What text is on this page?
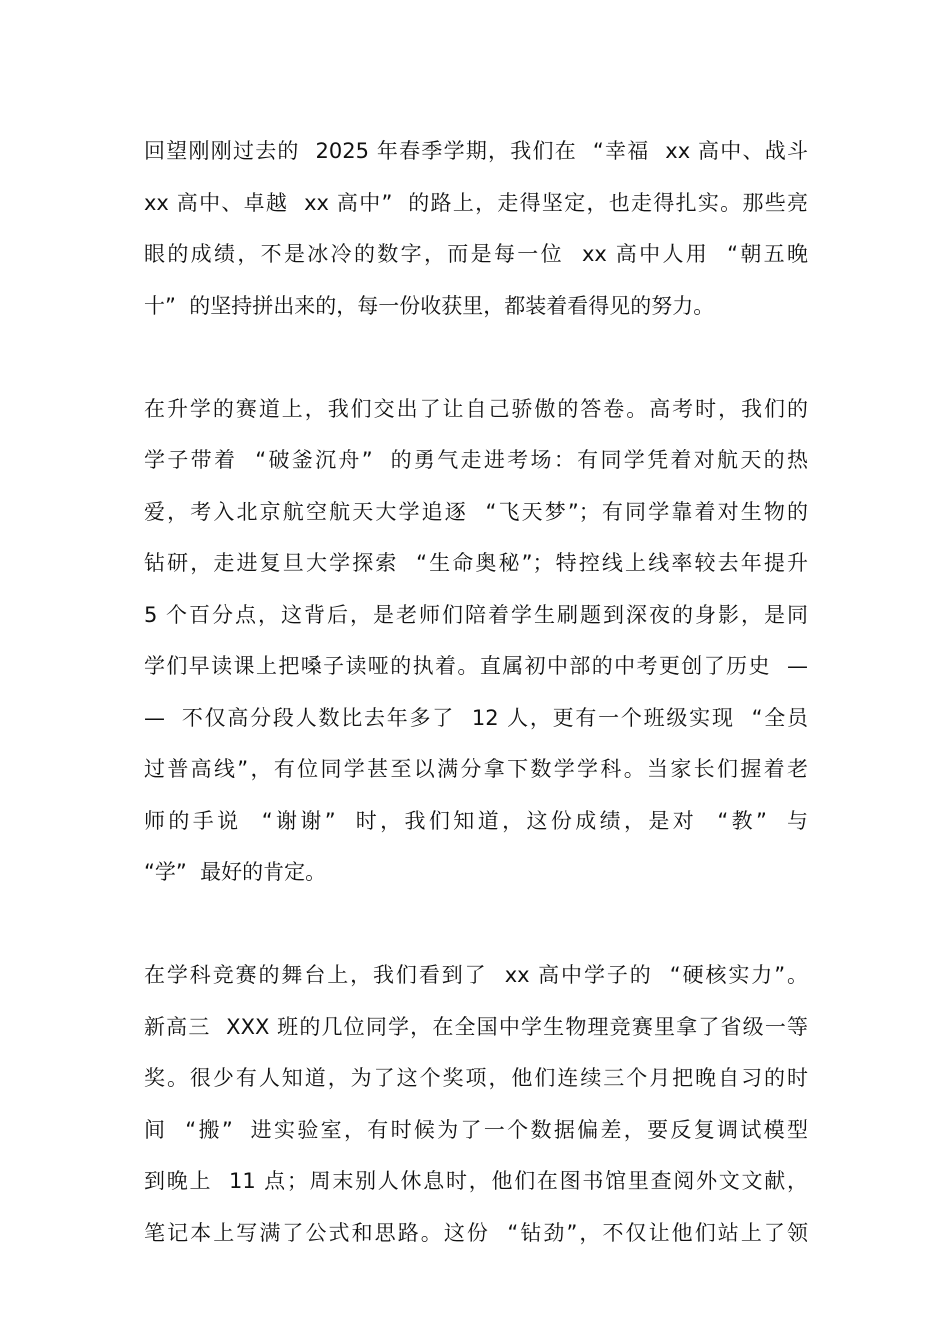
回望刚刚过去的  2025 年春季学期，我们在  “幸福  xx 高中、战斗
xx 高中、卓越  xx 高中”  的路上，走得坚定，也走得扎实。那些亮
眼的成绩，不是冰冷的数字，而是每一位  xx 高中人用  “朝五晚
十”  的坚持拼出来的，每一份收获里，都装着看得见的努力。
在升学的赛道上，我们交出了让自己骄傲的答卷。高考时，我们的
学子带着  “破釜沉舟”  的勇气走进考场：有同学凭着对航天的热
爱，考入北京航空航天大学追逐  “飞天梦”；有同学靠着对生物的
钻研，走进复旦大学探索  “生命奥秘”；特控线上线率较去年提升
5 个百分点，这背后，是老师们陪着学生刷题到深夜的身影，是同
学们早读课上把嗓子读哑的执着。直属初中部的中考更创了历史  —
—  不仅高分段人数比去年多了  12 人，更有一个班级实现  “全员
过普高线”，有位同学甚至以满分拿下数学学科。当家长们握着老
师的手说  “谢谢”  时，我们知道，这份成绩，是对  “教”  与
“学”  最好的肯定。
在学科竞赛的舞台上，我们看到了  xx 高中学子的  “硬核实力”。
新高三  XXX 班的几位同学，在全国中学生物理竞赛里拿了省级一等
奖。很少有人知道，为了这个奖项，他们连续三个月把晚自习的时
间  “搬”  进实验室，有时候为了一个数据偏差，要反复调试模型
到晚上  11 点；周末别人休息时，他们在图书馆里查阅外文文献，
笔记本上写满了公式和思路。这份  “钻劲”，不仅让他们站上了领
